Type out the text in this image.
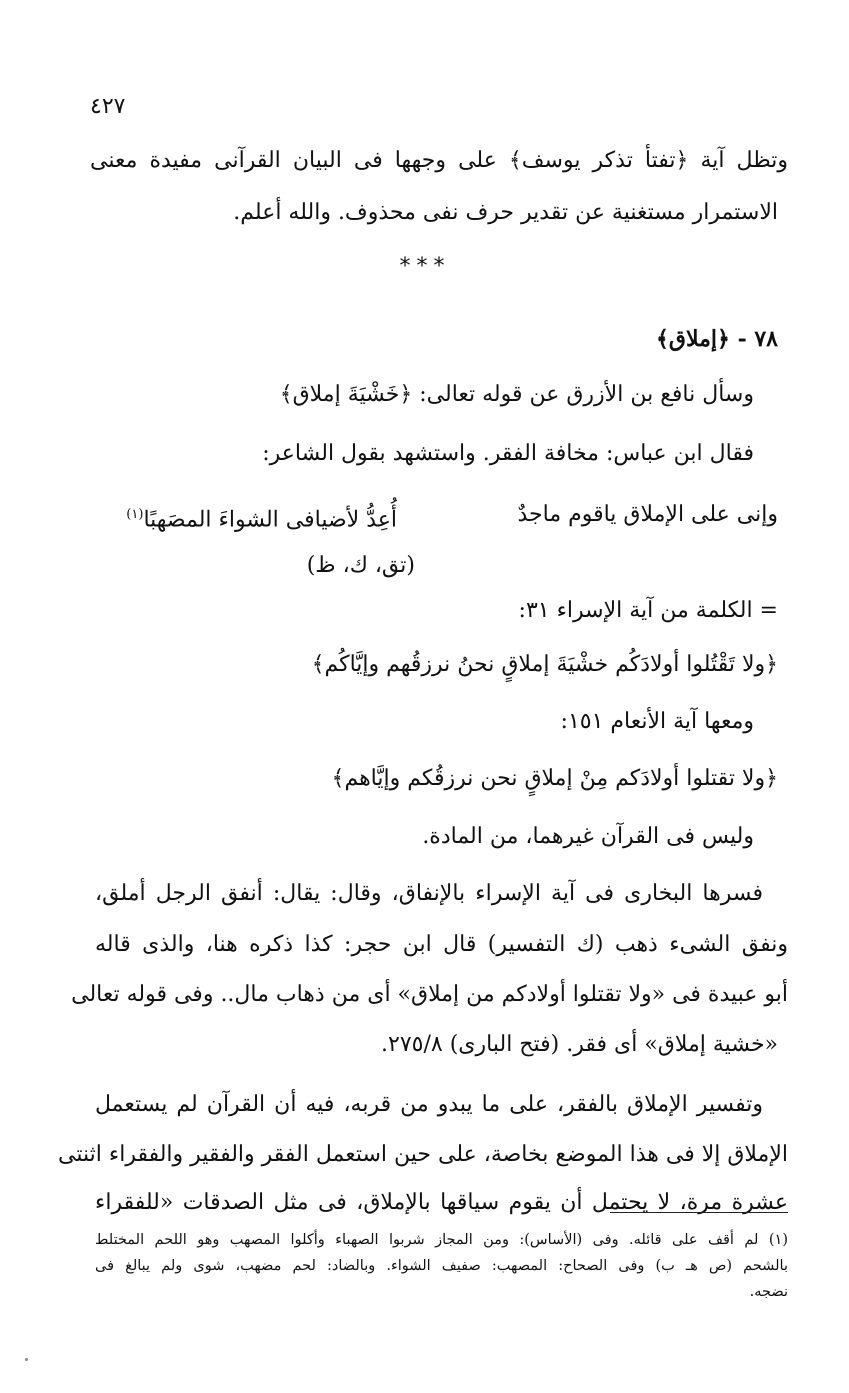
٤٢٧
وتظل آية ﴿تفتأ تذكر يوسف﴾ على وجهها فى البيان القرآنى مفيدة معنى
الاستمرار مستغنية عن تقدير حرف نفى محذوف. والله أعلم.
***
٧٨ - ﴿إملاق﴾
وسأل نافع بن الأزرق عن قوله تعالى: ﴿خَشْيَةَ إملاق﴾
فقال ابن عباس: مخافة الفقر. واستشهد بقول الشاعر:
وإنى على الإملاق ياقوم ماجدٌ
أُعِدُّ لأضيافى الشواءَ المصَهبًا$^{(١)}$
(تق، ك، ظ)
= الكلمة من آية الإسراء ٣١:
﴿ولا تَقْتُلوا أولادَكُم خشْيَةَ إملاقٍ نحنُ نرزقُهم وإيَّاكُم﴾
ومعها آية الأنعام ١٥١:
﴿ولا تقتلوا أولادَكم مِنْ إملاقٍ نحن نرزقُكم وإيَّاهم﴾
وليس فى القرآن غيرهما، من المادة.
فسرها البخارى فى آية الإسراء بالإنفاق، وقال: يقال: أنفق الرجل أملق،
ونفق الشىء ذهب (ك التفسير) قال ابن حجر: كذا ذكره هنا، والذى قاله
أبو عبيدة فى «ولا تقتلوا أولادكم من إملاق» أى من ذهاب مال.. وفى قوله تعالى
«خشية إملاق» أى فقر. (فتح البارى) ٢٧٥/٨.
وتفسير الإملاق بالفقر، على ما يبدو من قربه، فيه أن القرآن لم يستعمل
الإملاق إلا فى هذا الموضع بخاصة، على حين استعمل الفقر والفقير والفقراء اثنتى
عشرة مرة، لا يحتمل أن يقوم سياقها بالإملاق، فى مثل الصدقات «للفقراء
(١) لم أقف على قائله. وفى (الأساس): ومن المجاز شربوا الصهباء وأكلوا المصهب وهو اللحم المختلط
بالشحم (ص هـ ب) وفى الصحاح: المصهب: صفيف الشواء. وبالضاد: لحم مضهب، شوى ولم يبالغ فى
نضجه.
